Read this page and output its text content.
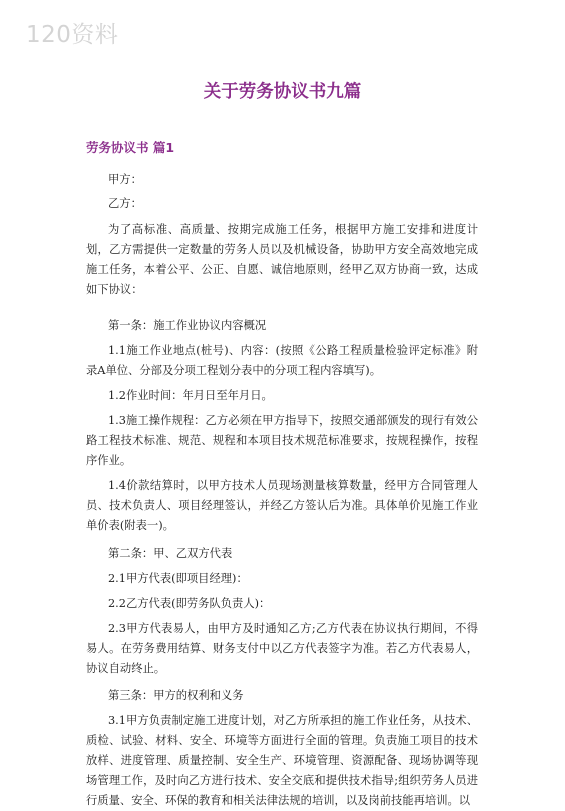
120资料
关于劳务协议书九篇
劳务协议书 篇1

甲方：

乙方：

为了高标准、高质量、按期完成施工任务，根据甲方施工安排和进度计划，乙方需提供一定数量的劳务人员以及机械设备，协助甲方安全高效地完成施工任务，本着公平、公正、自愿、诚信地原则，经甲乙双方协商一致，达成如下协议：

第一条：施工作业协议内容概况

1.1施工作业地点(桩号)、内容：(按照《公路工程质量检验评定标准》附录A单位、分部及分项工程划分表中的分项工程内容填写)。

1.2作业时间：年月日至年月日。

1.3施工操作规程：乙方必须在甲方指导下，按照交通部颁发的现行有效公路工程技术标准、规范、规程和本项目技术规范标准要求，按规程操作，按程序作业。

1.4价款结算时，以甲方技术人员现场测量核算数量，经甲方合同管理人员、技术负责人、项目经理签认，并经乙方签认后为准。具体单价见施工作业单价表(附表一)。

第二条：甲、乙双方代表

2.1甲方代表(即项目经理)：

2.2乙方代表(即劳务队负责人)：

2.3甲方代表易人，由甲方及时通知乙方;乙方代表在协议执行期间，不得易人。在劳务费用结算、财务支付中以乙方代表签字为准。若乙方代表易人，协议自动终止。

第三条：甲方的权利和义务

3.1甲方负责制定施工进度计划，对乙方所承担的施工作业任务，从技术、质检、试验、材料、安全、环境等方面进行全面的管理。负责施工项目的技术放样、进度管理、质量控制、安全生产、环境管理、资源配备、现场协调等现场管理工作，及时向乙方进行技术、安全交底和提供技术指导;组织劳务人员进行质量、安全、环保的教育和相关法律法规的培训，以及岗前技能再培训。以
